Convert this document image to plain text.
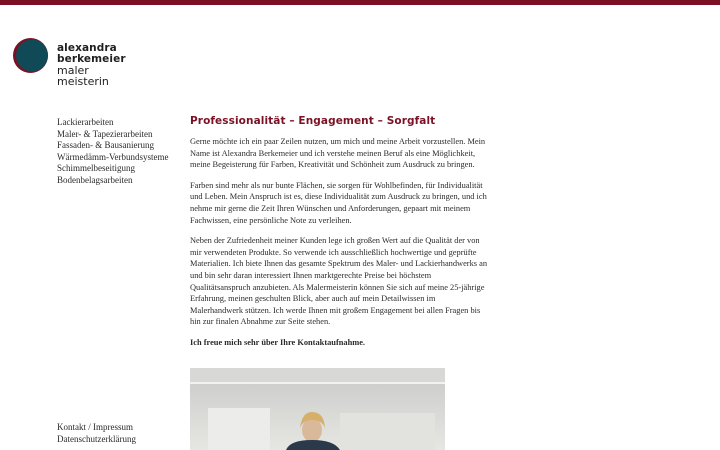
alexandra
berkemeier
maler
meisterin
Lackierarbeiten
Maler- & Tapezierarbeiten
Fassaden- & Bausanierung
Wärmedämm-Verbundsysteme
Schimmelbeseitigung
Bodenbelagsarbeiten
Professionalität – Engagement – Sorgfalt

Gerne möchte ich ein paar Zeilen nutzen, um mich und meine Arbeit vorzustellen. Mein Name ist Alexandra Berkemeier und ich verstehe meinen Beruf als eine Möglichkeit, meine Begeisterung für Farben, Kreativität und Schönheit zum Ausdruck zu bringen.

Farben sind mehr als nur bunte Flächen, sie sorgen für Wohlbefinden, für Individualität und Leben. Mein Anspruch ist es, diese Individualität zum Ausdruck zu bringen, und ich nehme mir gerne die Zeit Ihren Wünschen und Anforderungen, gepaart mit meinem Fachwissen, eine persönliche Note zu verleihen.

Neben der Zufriedenheit meiner Kunden lege ich großen Wert auf die Qualität der von mir verwendeten Produkte. So verwende ich ausschließlich hochwertige und geprüfte Materialien. Ich biete Ihnen das gesamte Spektrum des Maler- und Lackierhandwerks an und bin sehr daran interessiert Ihnen marktgerechte Preise bei höchstem Qualitätsanspruch anzubieten. Als Malermeisterin können Sie sich auf meine 25-jährige Erfahrung, meinen geschulten Blick, aber auch auf mein Detailwissen im Malerhandwerk stützen. Ich werde Ihnen mit großem Engagement bei allen Fragen bis hin zur finalen Abnahme zur Seite stehen.

Ich freue mich sehr über Ihre Kontaktaufnahme.

Kontakt / Impressum
Datenschutzerklärung
